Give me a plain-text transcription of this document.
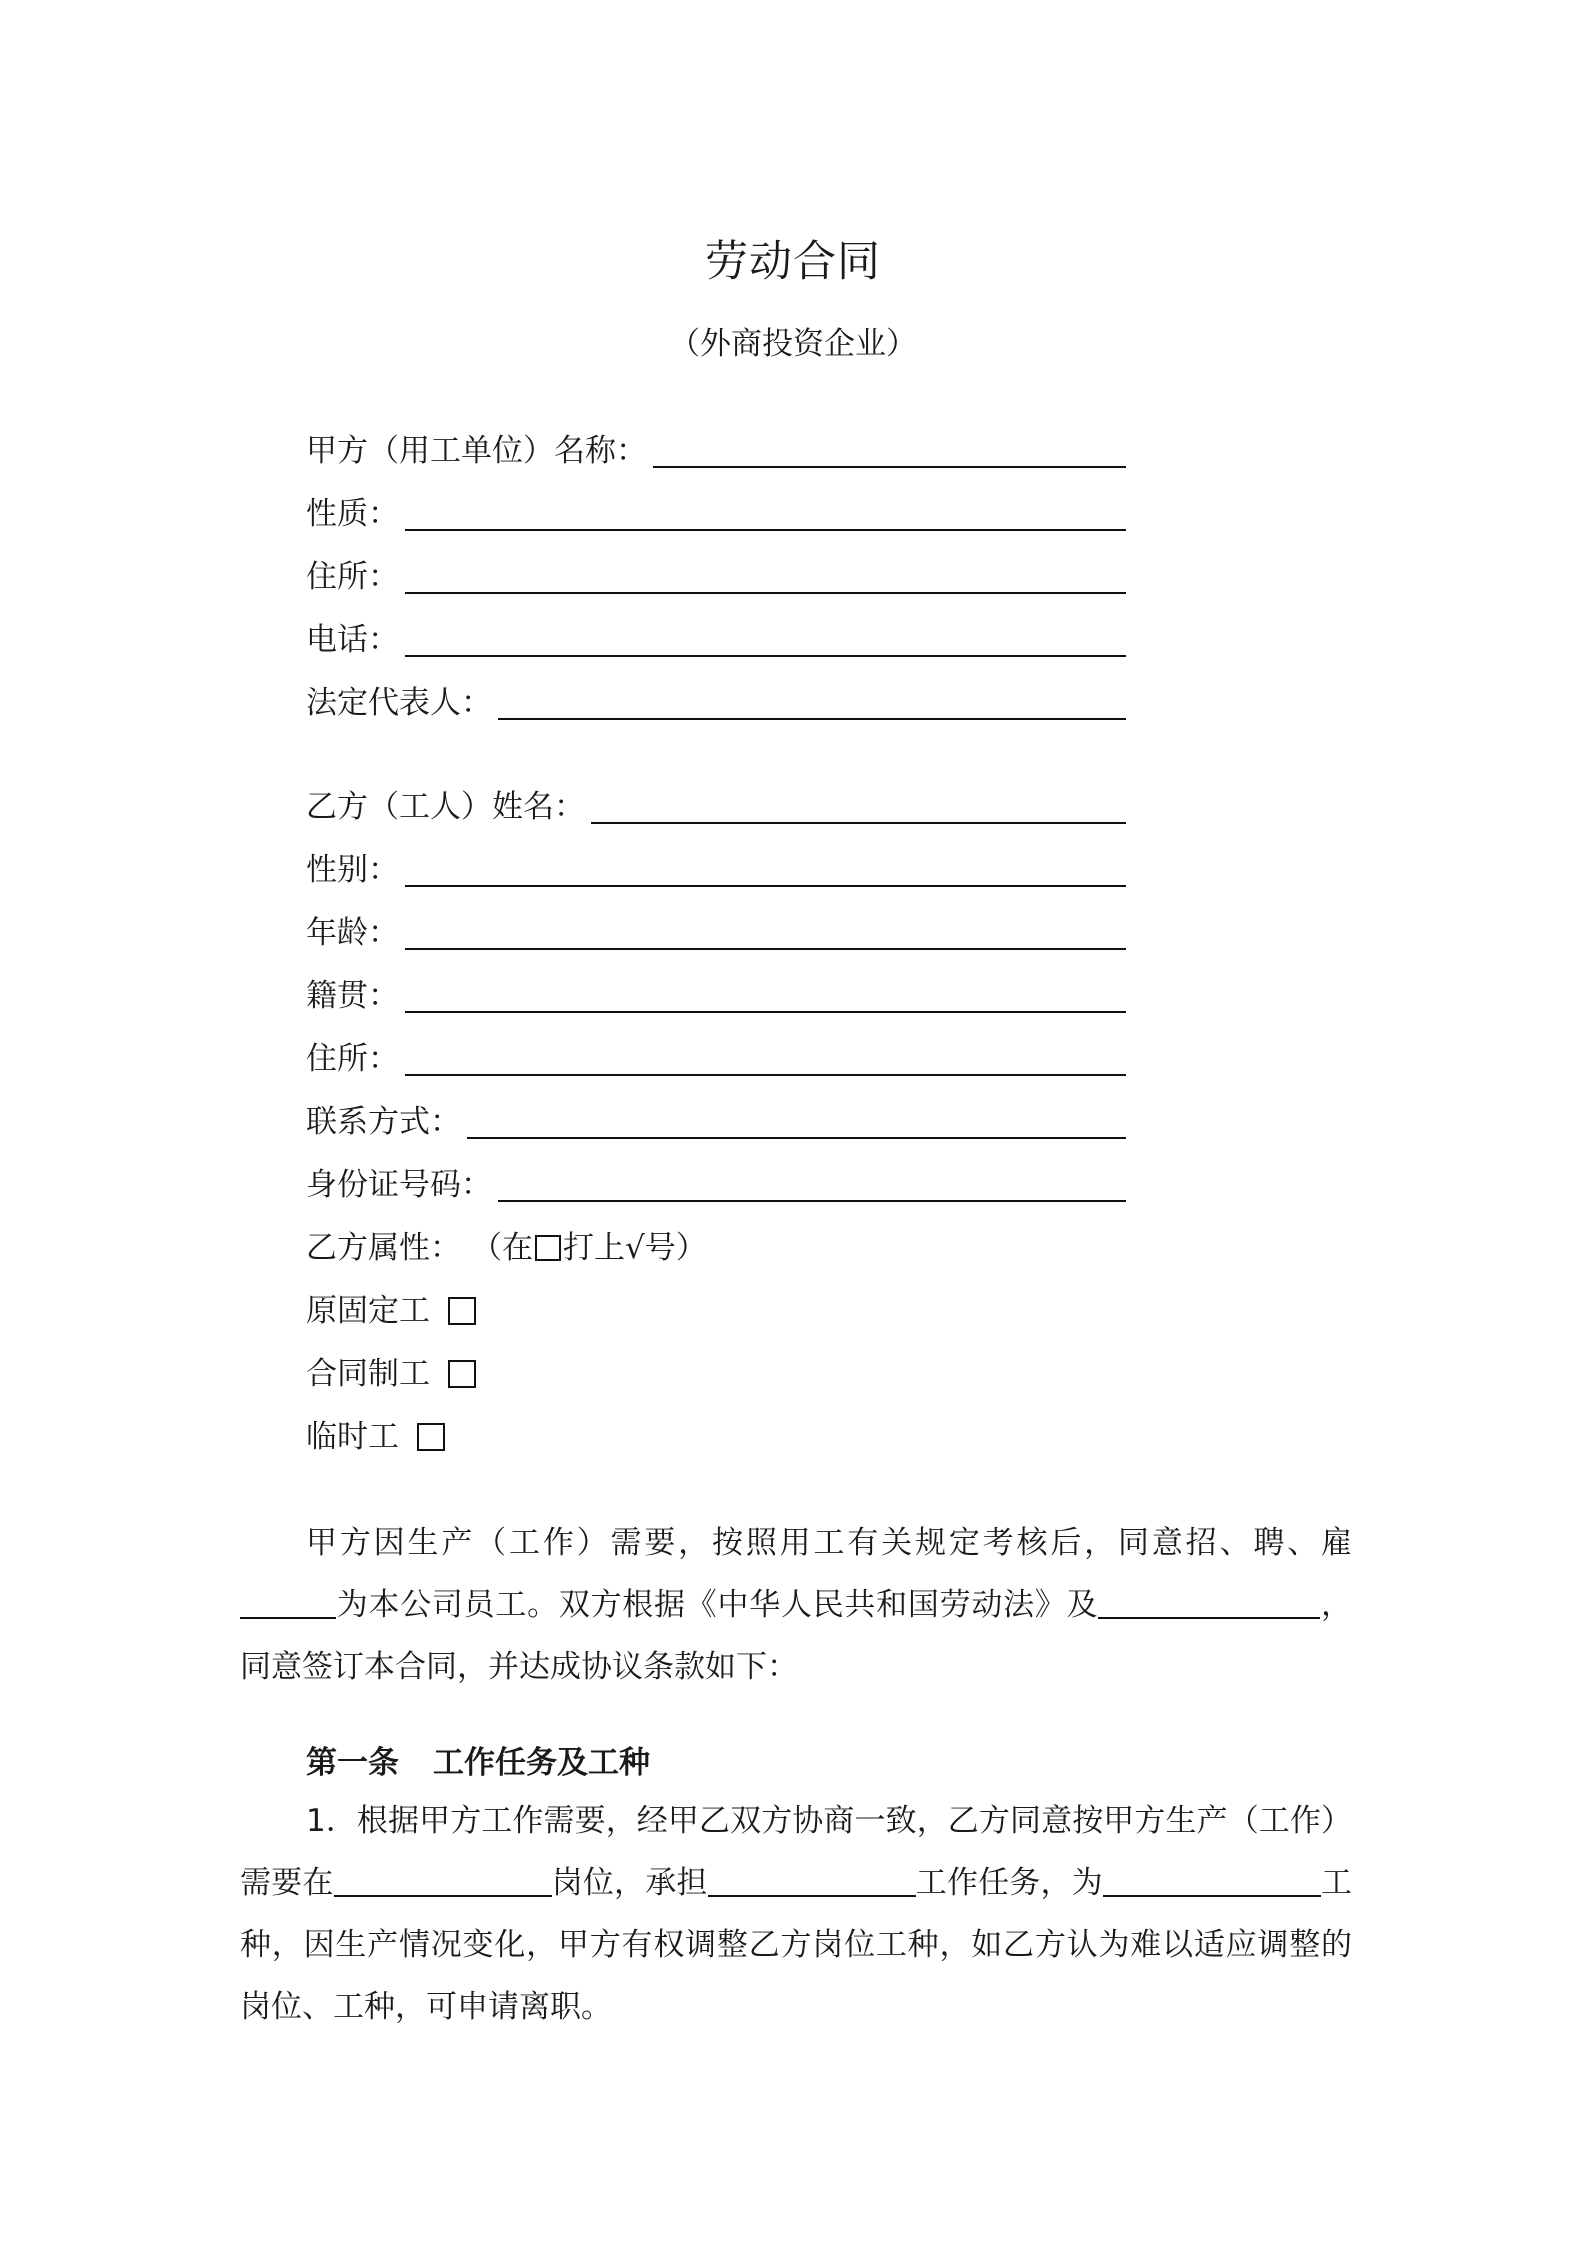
劳动合同
（外商投资企业）
甲方（用工单位）名称：
性质：
住所：
电话：
法定代表人：
乙方（工人）姓名：
性别：
年龄：
籍贯：
住所：
联系方式：
身份证号码：
乙方属性： （在 打上√号）
原固定工
合同制工
临时工
甲方因生产（工作）需要，按照用工有关规定考核后，同意招、聘、雇为本公司员工。双方根据《中华人民共和国劳动法》及	，同意签订本合同，并达成协议条款如下：
第一条 工作任务及工种
1．根据甲方工作需要，经甲乙双方协商一致，乙方同意按甲方生产（工作）需要在	岗位，承担	工作任务，为	工种，因生产情况变化，甲方有权调整乙方岗位工种，如乙方认为难以适应调整的岗位、工种，可申请离职。
